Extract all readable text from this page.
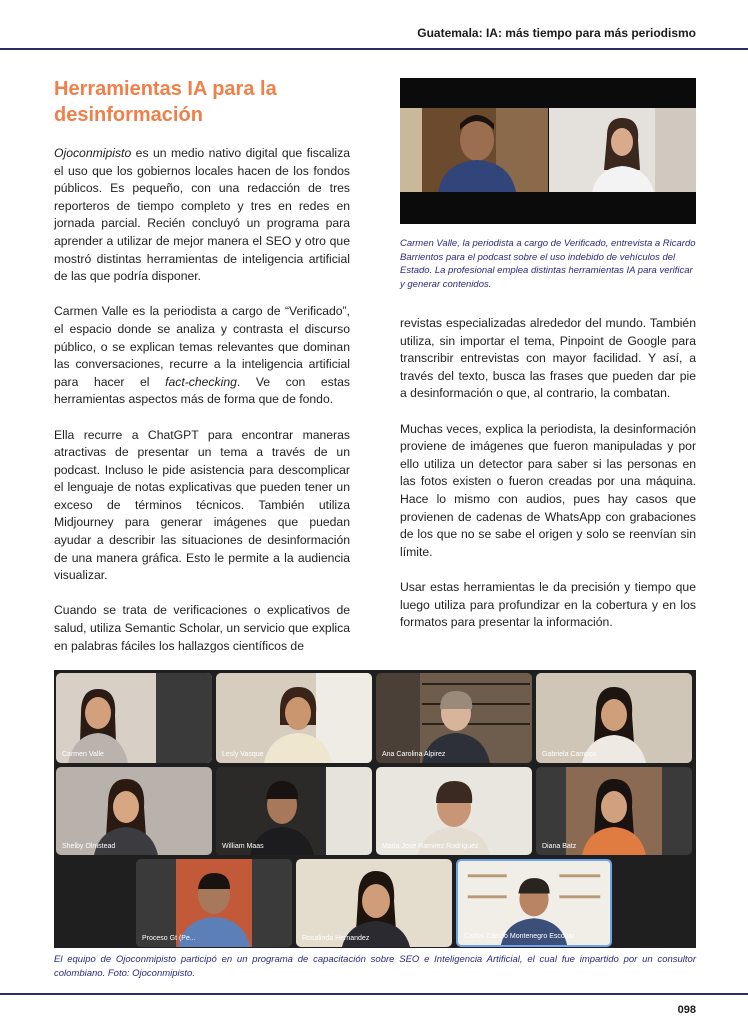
Guatemala: IA: más tiempo para más periodismo
Herramientas IA para la desinformación

Ojoconmipisto es un medio nativo digital que fiscaliza el uso que los gobiernos locales hacen de los fondos públicos. Es pequeño, con una redacción de tres reporteros de tiempo completo y tres en redes en jornada parcial. Recién concluyó un programa para aprender a utilizar de mejor manera el SEO y otro que mostró distintas herramientas de inteligencia artificial de las que podría disponer.

Carmen Valle es la periodista a cargo de “Verificado”, el espacio donde se analiza y contrasta el discurso público, o se explican temas relevantes que dominan las conversaciones, recurre a la inteligencia artificial para hacer el fact-checking. Ve con estas herramientas aspectos más de forma que de fondo.

Ella recurre a ChatGPT para encontrar maneras atractivas de presentar un tema a través de un podcast. Incluso le pide asistencia para descomplicar el lenguaje de notas explicativas que pueden tener un exceso de términos técnicos. También utiliza Midjourney para generar imágenes que puedan ayudar a describir las situaciones de desinformación de una manera gráfica. Esto le permite a la audiencia visualizar.

Cuando se trata de verificaciones o explicativos de salud, utiliza Semantic Scholar, un servicio que explica en palabras fáciles los hallazgos científicos de

Carmen Valle, la periodista a cargo de Verificado, entrevista a Ricardo Barrientos para el podcast sobre el uso indebido de vehículos del Estado. La profesional emplea distintas herramientas IA para verificar y generar contenidos.

revistas especializadas alrededor del mundo. También utiliza, sin importar el tema, Pinpoint de Google para transcribir entrevistas con mayor facilidad. Y así, a través del texto, busca las frases que pueden dar pie a desinformación o que, al contrario, la combatan.

Muchas veces, explica la periodista, la desinformación proviene de imágenes que fueron manipuladas y por ello utiliza un detector para saber si las personas en las fotos existen o fueron creadas por una máquina. Hace lo mismo con audios, pues hay casos que provienen de cadenas de WhatsApp con grabaciones de los que no se sabe el origen y solo se reenvían sin límite.

Usar estas herramientas le da precisión y tiempo que luego utiliza para profundizar en la cobertura y en los formatos para presentar la información.

Carmen Valle	Lesly Vasque	Ana Carolina Alpirez	Gabriela Campos
Shelby Olmstead	William Maas	Maria Jose Ramirez Rodríguez	Diana Batz
Proceso Gt (Pe...	Rosalinda Hernandez	Carlos Camilo Montenegro Escobar
El equipo de Ojoconmipisto participó en un programa de capacitación sobre SEO e Inteligencia Artificial, el cual fue impartido por un consultor colombiano. Foto: Ojoconmipisto.
098
